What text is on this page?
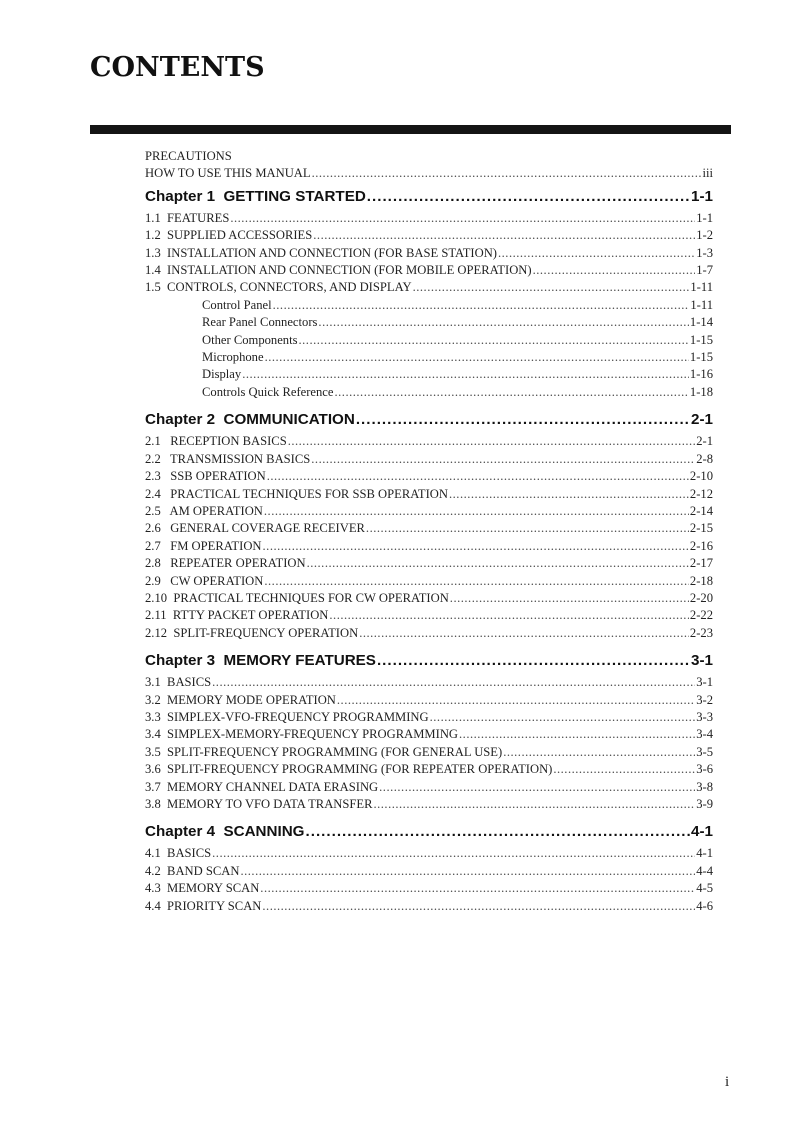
CONTENTS
PRECAUTIONS
HOW TO USE THIS MANUAL .....	iii
Chapter 1  GETTING STARTED .....	1-1
1.1  FEATURES .....	1-1
1.2  SUPPLIED ACCESSORIES .....	1-2
1.3  INSTALLATION AND CONNECTION (FOR BASE STATION) .....	1-3
1.4  INSTALLATION AND CONNECTION (FOR MOBILE OPERATION) .....	1-7
1.5  CONTROLS, CONNECTORS, AND DISPLAY .....	1-11
Control Panel .....	1-11
Rear Panel Connectors .....	1-14
Other Components .....	1-15
Microphone .....	1-15
Display .....	1-16
Controls Quick Reference .....	1-18
Chapter 2  COMMUNICATION .....	2-1
2.1   RECEPTION BASICS .....	2-1
2.2   TRANSMISSION BASICS .....	2-8
2.3   SSB OPERATION .....	2-10
2.4   PRACTICAL TECHNIQUES FOR SSB OPERATION .....	2-12
2.5   AM OPERATION .....	2-14
2.6   GENERAL COVERAGE RECEIVER .....	2-15
2.7   FM OPERATION .....	2-16
2.8   REPEATER OPERATION .....	2-17
2.9   CW OPERATION .....	2-18
2.10  PRACTICAL TECHNIQUES FOR CW OPERATION .....	2-20
2.11  RTTY PACKET OPERATION .....	2-22
2.12  SPLIT-FREQUENCY OPERATION .....	2-23
Chapter 3  MEMORY FEATURES .....	3-1
3.1  BASICS .....	3-1
3.2  MEMORY MODE OPERATION .....	3-2
3.3  SIMPLEX-VFO-FREQUENCY PROGRAMMING .....	3-3
3.4  SIMPLEX-MEMORY-FREQUENCY PROGRAMMING .....	3-4
3.5  SPLIT-FREQUENCY PROGRAMMING (FOR GENERAL USE) .....	3-5
3.6  SPLIT-FREQUENCY PROGRAMMING (FOR REPEATER OPERATION) .....	3-6
3.7  MEMORY CHANNEL DATA ERASING .....	3-8
3.8  MEMORY TO VFO DATA TRANSFER .....	3-9
Chapter 4  SCANNING .....	4-1
4.1  BASICS .....	4-1
4.2  BAND SCAN .....	4-4
4.3  MEMORY SCAN .....	4-5
4.4  PRIORITY SCAN .....	4-6
i
